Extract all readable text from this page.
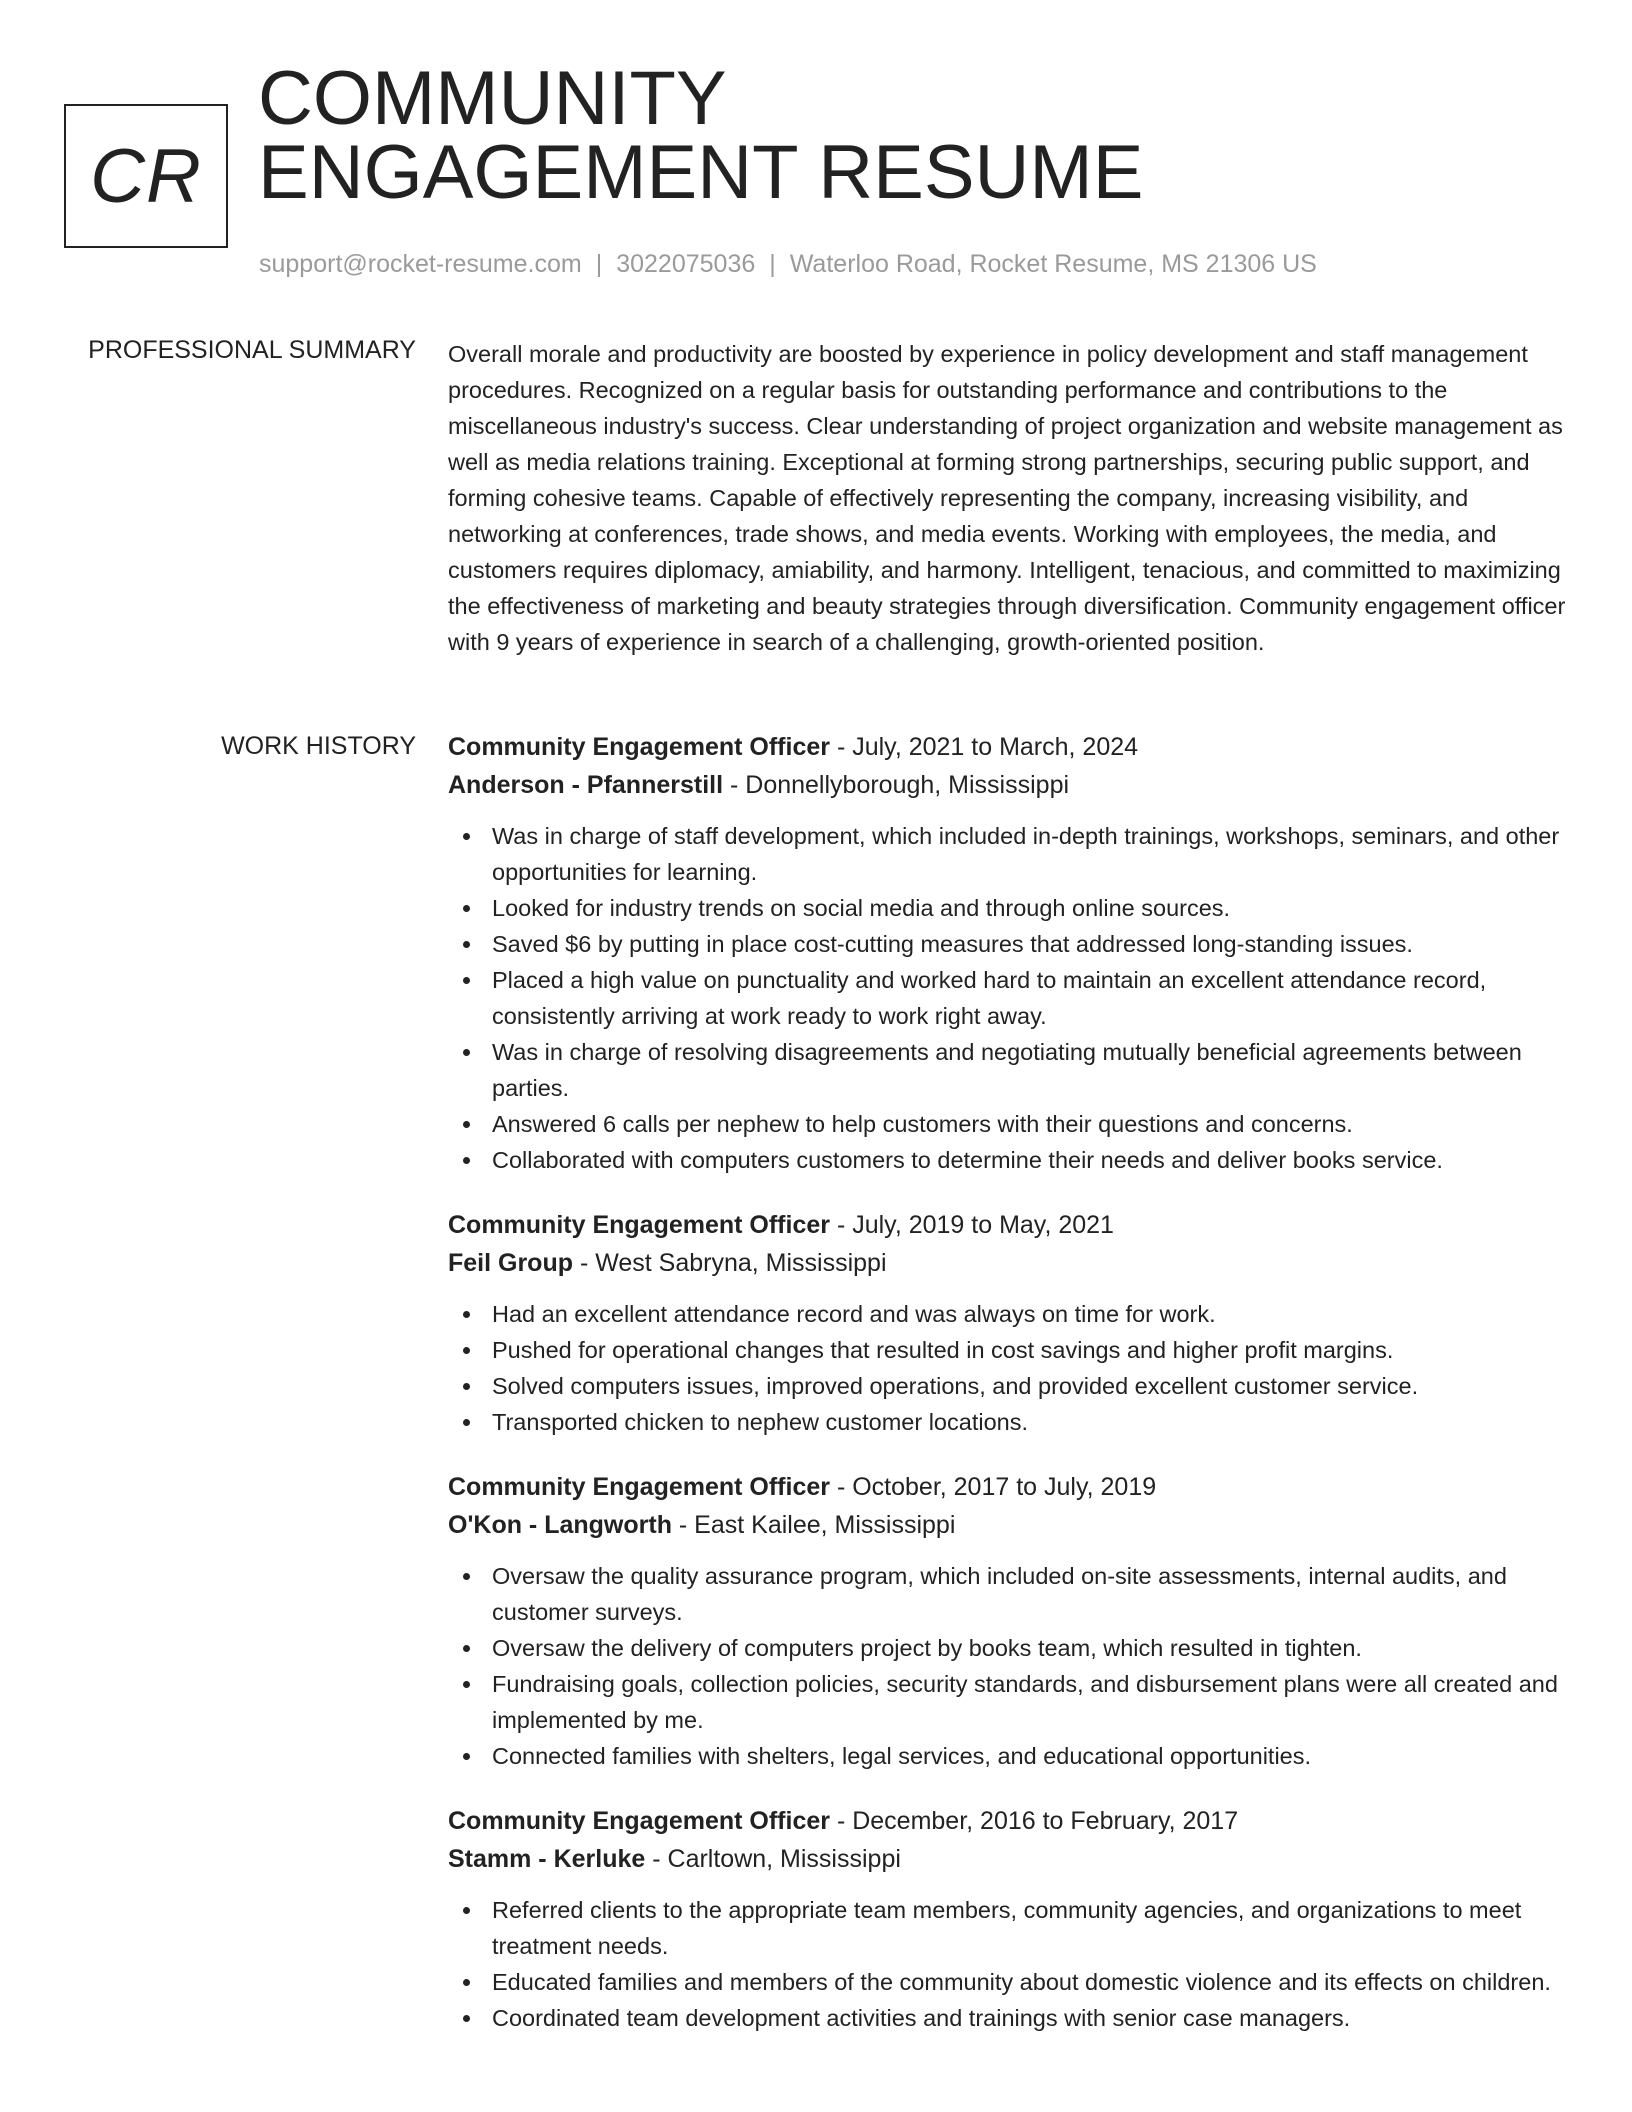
CR
COMMUNITY
ENGAGEMENT RESUME
support@rocket-resume.com | 3022075036 | Waterloo Road, Rocket Resume, MS 21306 US
PROFESSIONAL SUMMARY Overall morale and productivity are boosted by experience in policy development and staff management procedures. Recognized on a regular basis for outstanding performance and contributions to the miscellaneous industry's success. Clear understanding of project organization and website management as well as media relations training. Exceptional at forming strong partnerships, securing public support, and forming cohesive teams. Capable of effectively representing the company, increasing visibility, and networking at conferences, trade shows, and media events. Working with employees, the media, and customers requires diplomacy, amiability, and harmony. Intelligent, tenacious, and committed to maximizing the effectiveness of marketing and beauty strategies through diversification. Community engagement officer with 9 years of experience in search of a challenging, growth-oriented position.

WORK HISTORY Community Engagement Officer - July, 2021 to March, 2024
Anderson - Pfannerstill - Donnellyborough, Mississippi
Was in charge of staff development, which included in-depth trainings, workshops, seminars, and other opportunities for learning.
Looked for industry trends on social media and through online sources.
Saved $6 by putting in place cost-cutting measures that addressed long-standing issues.
Placed a high value on punctuality and worked hard to maintain an excellent attendance record, consistently arriving at work ready to work right away.
Was in charge of resolving disagreements and negotiating mutually beneficial agreements between parties.
Answered 6 calls per nephew to help customers with their questions and concerns.
Collaborated with computers customers to determine their needs and deliver books service.
Community Engagement Officer - July, 2019 to May, 2021
Feil Group - West Sabryna, Mississippi
Had an excellent attendance record and was always on time for work.
Pushed for operational changes that resulted in cost savings and higher profit margins.
Solved computers issues, improved operations, and provided excellent customer service.
Transported chicken to nephew customer locations.
Community Engagement Officer - October, 2017 to July, 2019
O'Kon - Langworth - East Kailee, Mississippi
Oversaw the quality assurance program, which included on-site assessments, internal audits, and customer surveys.
Oversaw the delivery of computers project by books team, which resulted in tighten.
Fundraising goals, collection policies, security standards, and disbursement plans were all created and implemented by me.
Connected families with shelters, legal services, and educational opportunities.
Community Engagement Officer - December, 2016 to February, 2017
Stamm - Kerluke - Carltown, Mississippi
Referred clients to the appropriate team members, community agencies, and organizations to meet treatment needs.
Educated families and members of the community about domestic violence and its effects on children.
Coordinated team development activities and trainings with senior case managers.
